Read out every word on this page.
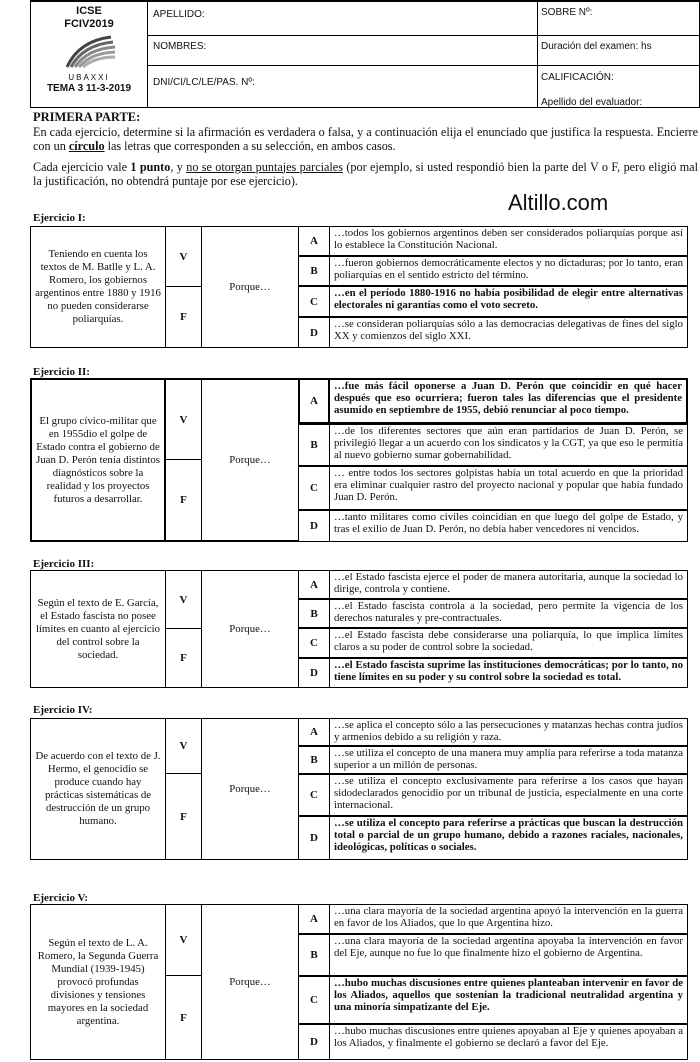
ICSE
FCIV2019
UBAXXI
TEMA 3 11-3-2019
APELLIDO:
NOMBRES:
DNI/CI/LC/LE/PAS. Nº:
SOBRE Nº:
Duración del examen: hs
CALIFICACIÓN:
Apellido del evaluador:

PRIMERA PARTE:

En cada ejercicio, determine si la afirmación es verdadera o falsa, y a continuación elija el enunciado que justifica la respuesta. Encierre con un círculo las letras que corresponden a su selección, en ambos casos.

Cada ejercicio vale 1 punto, y no se otorgan puntajes parciales (por ejemplo, si usted respondió bien la parte del V o F, pero eligió mal la justificación, no obtendrá puntaje por ese ejercicio).

Altillo.com
Ejercicio I:
Teniendo en cuenta los textos de M. Batlle y L. A. Romero, los gobiernos argentinos entre 1880 y 1916 no pueden considerarse poliarquías.
V
F
Porque…
A
…todos los gobiernos argentinos deben ser considerados poliarquías porque así lo establece la Constitución Nacional.
B
…fueron gobiernos democráticamente electos y no dictaduras; por lo tanto, eran poliarquías en el sentido estricto del término.
C
…en el período 1880-1916 no había posibilidad de elegir entre alternativas electorales ni garantías como el voto secreto.
D
…se consideran poliarquías sólo a las democracias delegativas de fines del siglo XX y comienzos del siglo XXI.
Ejercicio II:
El grupo cívico-militar que en 1955dio el golpe de Estado contra el gobierno de Juan D. Perón tenía distintos diagnósticos sobre la realidad y los proyectos futuros a desarrollar.
V
F
Porque…
A
…fue más fácil oponerse a Juan D. Perón que coincidir en qué hacer después que eso ocurriera; fueron tales las diferencias que el presidente asumido en septiembre de 1955, debió renunciar al poco tiempo.
B
…de los diferentes sectores que aún eran partidarios de Juan D. Perón, se privilegió llegar a un acuerdo con los sindicatos y la CGT, ya que eso le permitía al nuevo gobierno sumar gobernabilidad.
C
… entre todos los sectores golpistas había un total acuerdo en que la prioridad era eliminar cualquier rastro del proyecto nacional y popular que había fundado Juan D. Perón.
D
…tanto militares como civiles coincidían en que luego del golpe de Estado, y tras el exilio de Juan D. Perón, no debía haber vencedores ni vencidos.
Ejercicio III:
Según el texto de E. García, el Estado fascista no posee límites en cuanto al ejercicio del control sobre la sociedad.
V
F
Porque…
A
…el Estado fascista ejerce el poder de manera autoritaria, aunque la sociedad lo dirige, controla y contiene.
B
…el Estado fascista controla a la sociedad, pero permite la vigencia de los derechos naturales y pre-contractuales.
C
…el Estado fascista debe considerarse una poliarquía, lo que implica límites claros a su poder de control sobre la sociedad.
D
…el Estado fascista suprime las instituciones democráticas; por lo tanto, no tiene límites en su poder y su control sobre la sociedad es total.
Ejercicio IV:
De acuerdo con el texto de J. Hermo, el genocidio se produce cuando hay prácticas sistemáticas de destrucción de un grupo humano.
V
F
Porque…
A
…se aplica el concepto sólo a las persecuciones y matanzas hechas contra judíos y armenios debido a su religión y raza.
B
…se utiliza el concepto de una manera muy amplia para referirse a toda matanza superior a un millón de personas.
C
…se utiliza el concepto exclusivamente para referirse a los casos que hayan sidodeclarados genocidio por un tribunal de justicia, especialmente en una corte internacional.
D
…se utiliza el concepto para referirse a prácticas que buscan la destrucción total o parcial de un grupo humano, debido a razones raciales, nacionales, ideológicas, políticas o sociales.
Ejercicio V:
Según el texto de L. A. Romero, la Segunda Guerra Mundial (1939-1945) provocó profundas divisiones y tensiones mayores en la sociedad argentina.
V
F
Porque…
A
…una clara mayoría de la sociedad argentina apoyó la intervención en la guerra en favor de los Aliados, que lo que Argentina hizo.
B
…una clara mayoría de la sociedad argentina apoyaba la intervención en favor del Eje, aunque no fue lo que finalmente hizo el gobierno de Argentina.
C
…hubo muchas discusiones entre quienes planteaban intervenir en favor de los Aliados, aquellos que sostenían la tradicional neutralidad argentina y una minoría simpatizante del Eje.
D
…hubo muchas discusiones entre quienes apoyaban al Eje y quienes apoyaban a los Aliados, y finalmente el gobierno se declaró a favor del Eje.
